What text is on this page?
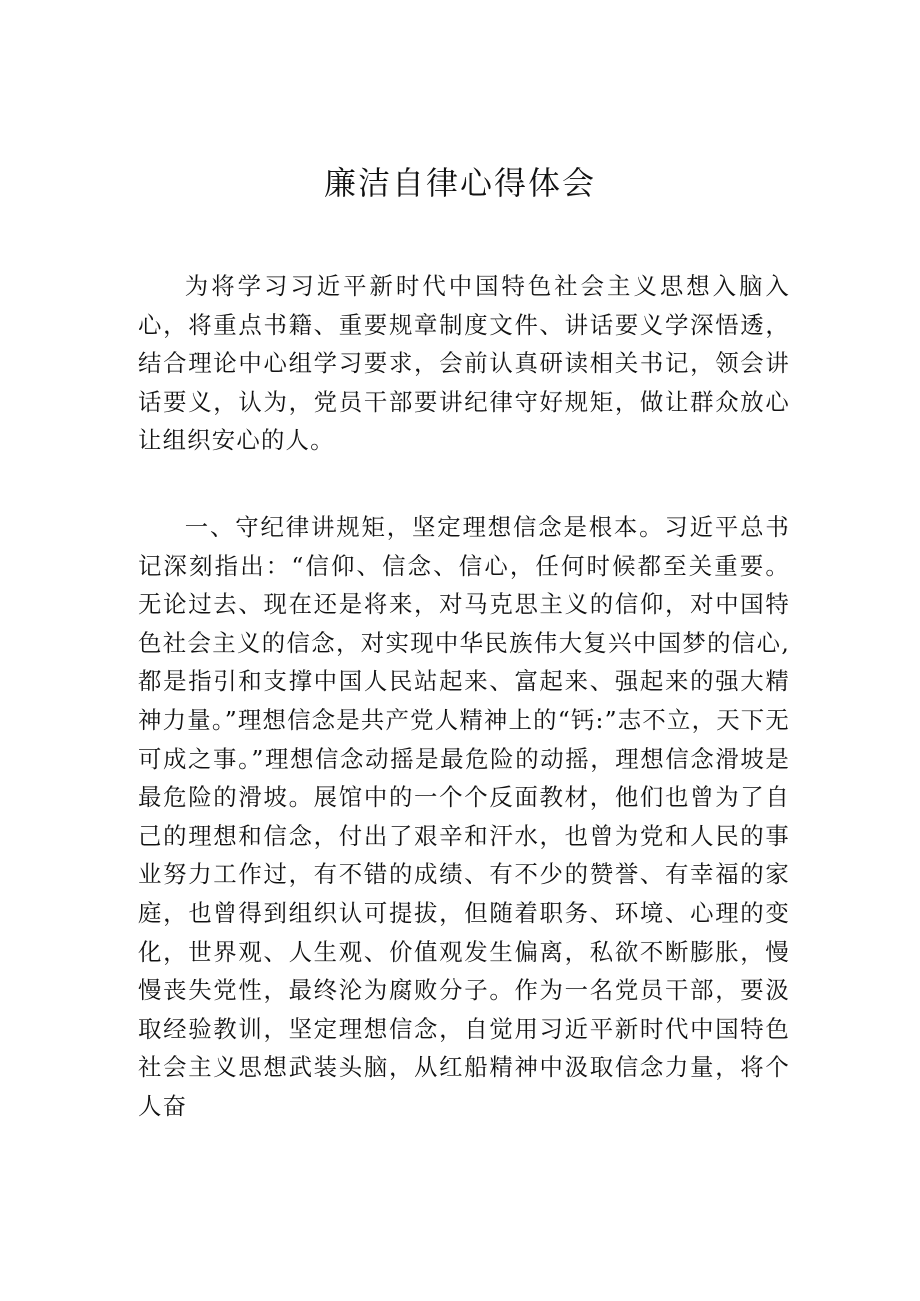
廉洁自律心得体会

为将学习习近平新时代中国特色社会主义思想入脑入心，将重点书籍、重要规章制度文件、讲话要义学深悟透，结合理论中心组学习要求，会前认真研读相关书记，领会讲话要义，认为，党员干部要讲纪律守好规矩，做让群众放心让组织安心的人。

一、守纪律讲规矩，坚定理想信念是根本。习近平总书记深刻指出：“信仰、信念、信心，任何时候都至关重要。无论过去、现在还是将来，对马克思主义的信仰，对中国特色社会主义的信念，对实现中华民族伟大复兴中国梦的信心,都是指引和支撑中国人民站起来、富起来、强起来的强大精神力量。”理想信念是共产党人精神上的“钙:”志不立，天下无可成之事。”理想信念动摇是最危险的动摇，理想信念滑坡是最危险的滑坡。展馆中的一个个反面教材，他们也曾为了自己的理想和信念，付出了艰辛和汗水，也曾为党和人民的事业努力工作过，有不错的成绩、有不少的赞誉、有幸福的家庭，也曾得到组织认可提拔，但随着职务、环境、心理的变化，世界观、人生观、价值观发生偏离，私欲不断膨胀，慢慢丧失党性，最终沦为腐败分子。作为一名党员干部，要汲取经验教训，坚定理想信念，自觉用习近平新时代中国特色社会主义思想武装头脑，从红船精神中汲取信念力量，将个人奋
